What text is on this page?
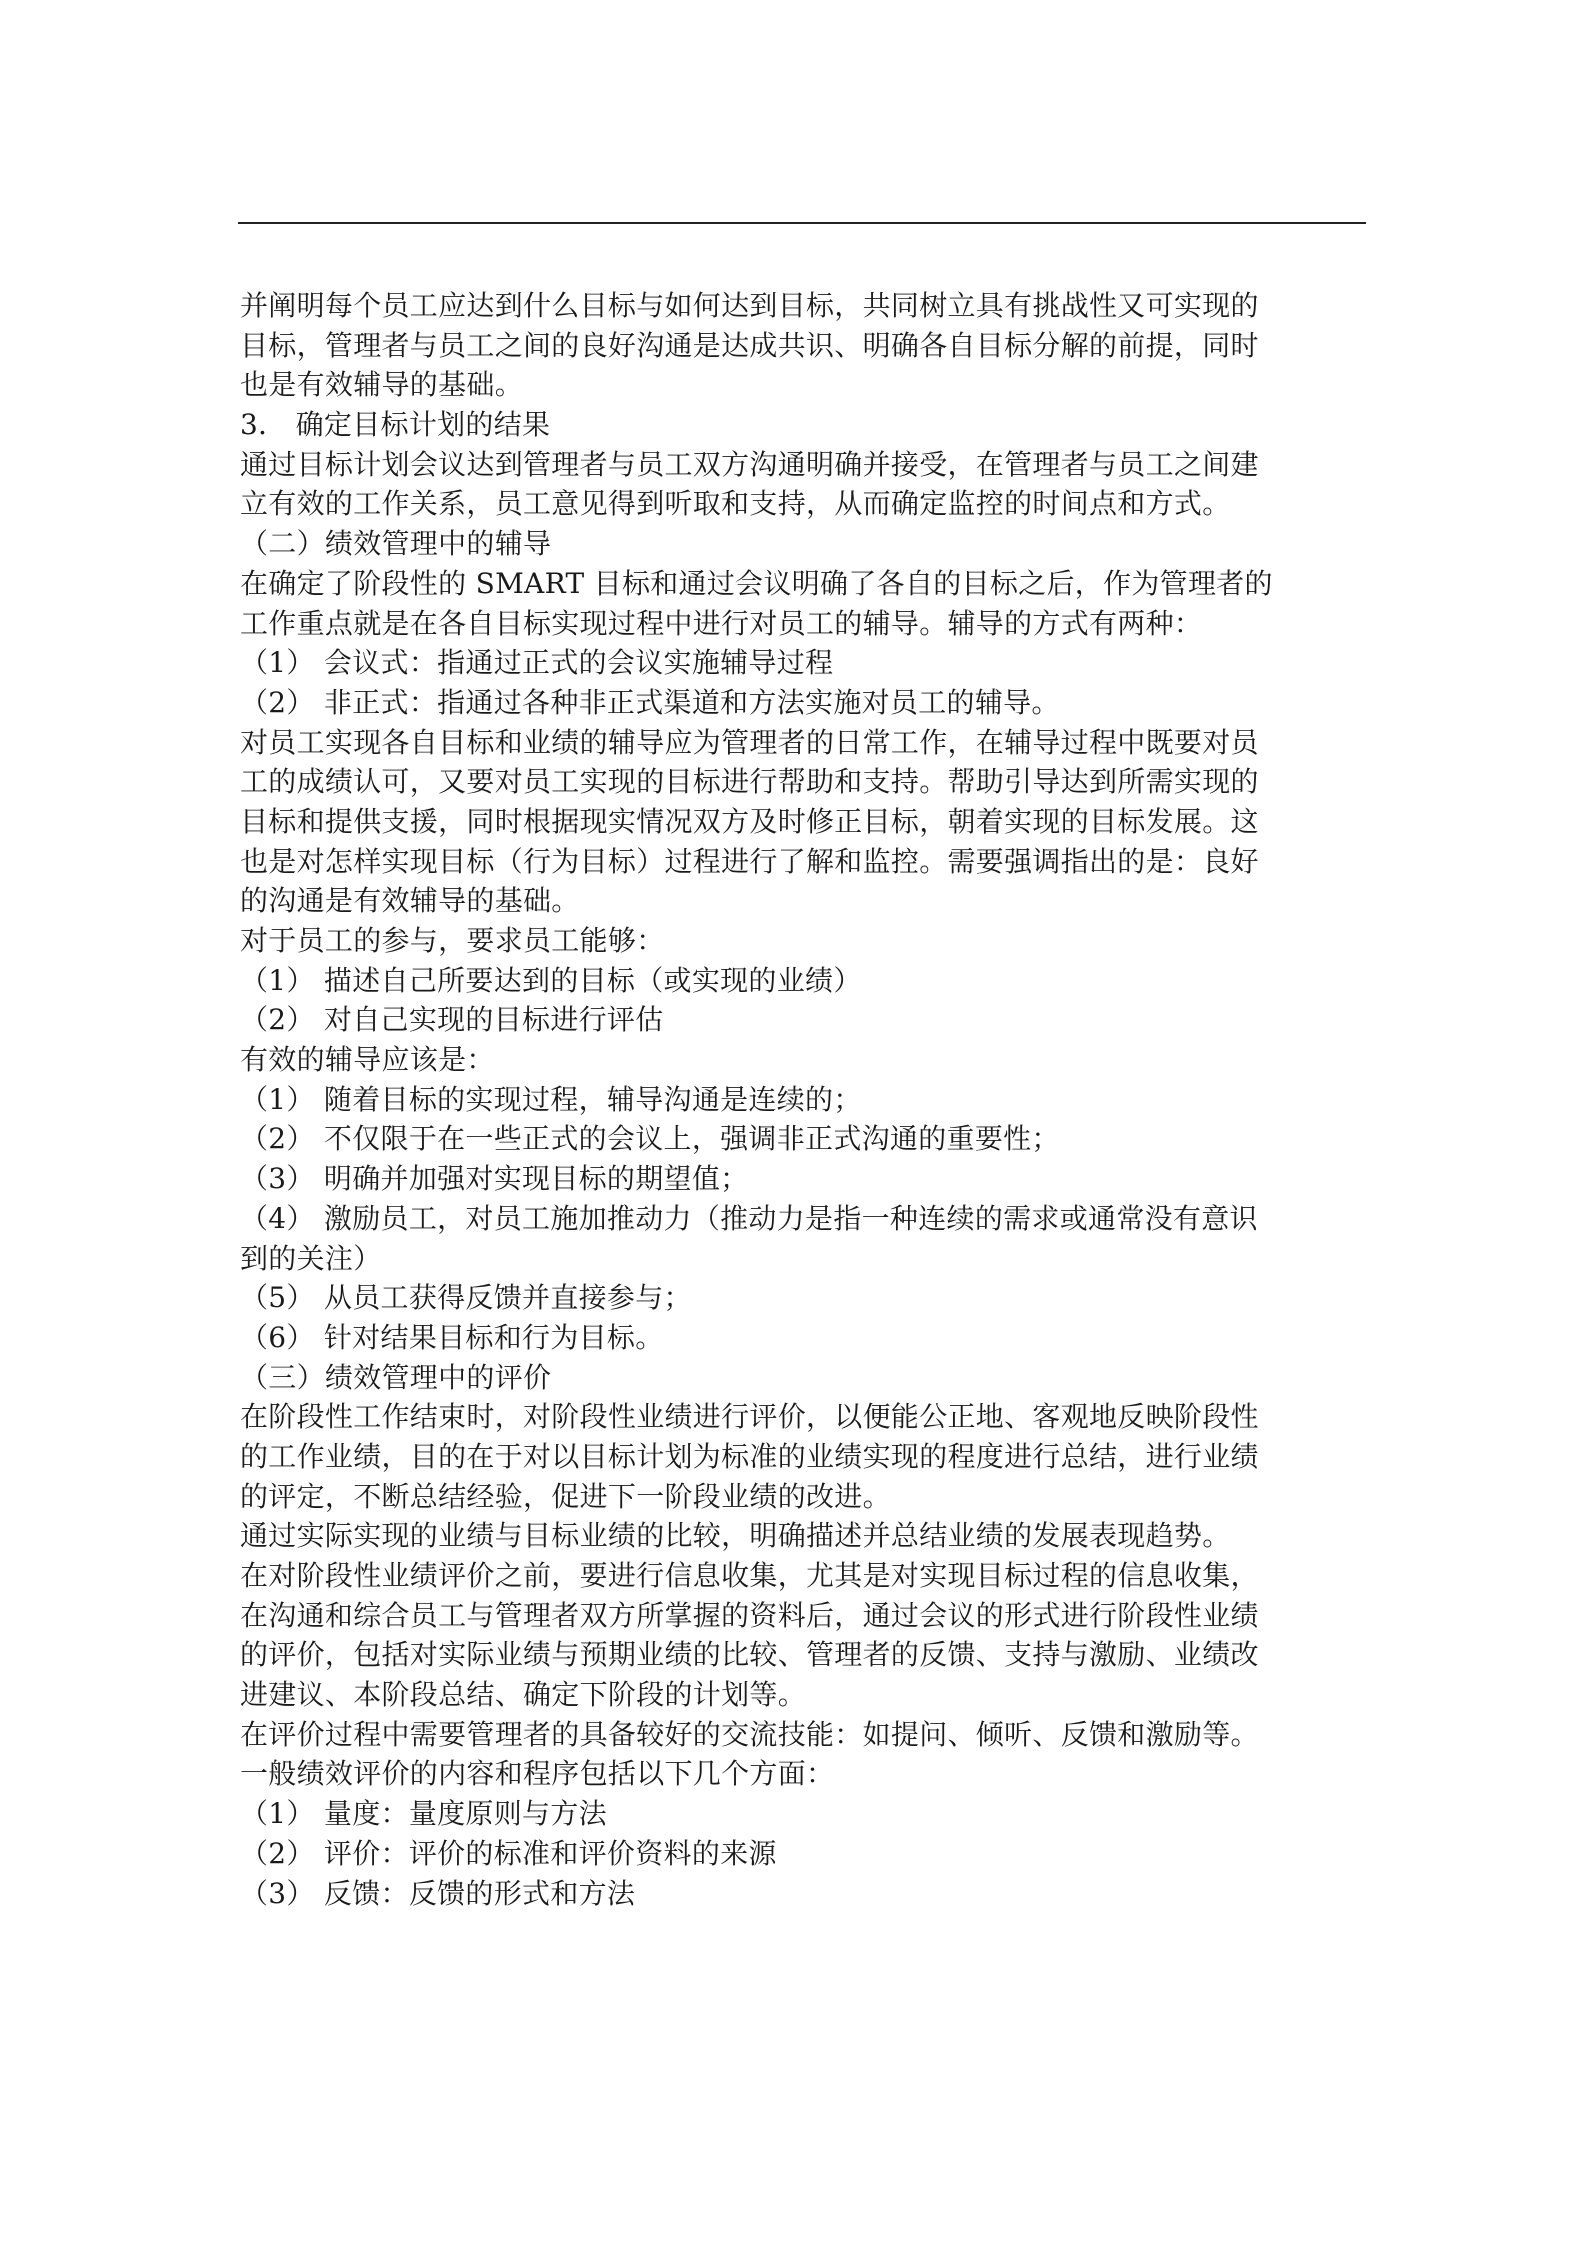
并阐明每个员工应达到什么目标与如何达到目标，共同树立具有挑战性又可实现的
目标，管理者与员工之间的良好沟通是达成共识、明确各自目标分解的前提，同时
也是有效辅导的基础。
3． 确定目标计划的结果
通过目标计划会议达到管理者与员工双方沟通明确并接受，在管理者与员工之间建
立有效的工作关系，员工意见得到听取和支持，从而确定监控的时间点和方式。
（二）绩效管理中的辅导
在确定了阶段性的 SMART 目标和通过会议明确了各自的目标之后，作为管理者的
工作重点就是在各自目标实现过程中进行对员工的辅导。辅导的方式有两种：
（1） 会议式：指通过正式的会议实施辅导过程
（2） 非正式：指通过各种非正式渠道和方法实施对员工的辅导。
对员工实现各自目标和业绩的辅导应为管理者的日常工作，在辅导过程中既要对员
工的成绩认可，又要对员工实现的目标进行帮助和支持。帮助引导达到所需实现的
目标和提供支援，同时根据现实情况双方及时修正目标，朝着实现的目标发展。这
也是对怎样实现目标（行为目标）过程进行了解和监控。需要强调指出的是：良好
的沟通是有效辅导的基础。
对于员工的参与，要求员工能够：
（1） 描述自己所要达到的目标（或实现的业绩）
（2） 对自己实现的目标进行评估
有效的辅导应该是：
（1） 随着目标的实现过程，辅导沟通是连续的；
（2） 不仅限于在一些正式的会议上，强调非正式沟通的重要性；
（3） 明确并加强对实现目标的期望值；
（4） 激励员工，对员工施加推动力（推动力是指一种连续的需求或通常没有意识
到的关注）
（5） 从员工获得反馈并直接参与；
（6） 针对结果目标和行为目标。
（三）绩效管理中的评价
在阶段性工作结束时，对阶段性业绩进行评价，以便能公正地、客观地反映阶段性
的工作业绩，目的在于对以目标计划为标准的业绩实现的程度进行总结，进行业绩
的评定，不断总结经验，促进下一阶段业绩的改进。
通过实际实现的业绩与目标业绩的比较，明确描述并总结业绩的发展表现趋势。
在对阶段性业绩评价之前，要进行信息收集，尤其是对实现目标过程的信息收集，
在沟通和综合员工与管理者双方所掌握的资料后，通过会议的形式进行阶段性业绩
的评价，包括对实际业绩与预期业绩的比较、管理者的反馈、支持与激励、业绩改
进建议、本阶段总结、确定下阶段的计划等。
在评价过程中需要管理者的具备较好的交流技能：如提问、倾听、反馈和激励等。
一般绩效评价的内容和程序包括以下几个方面：
（1） 量度：量度原则与方法
（2） 评价：评价的标准和评价资料的来源
（3） 反馈：反馈的形式和方法
